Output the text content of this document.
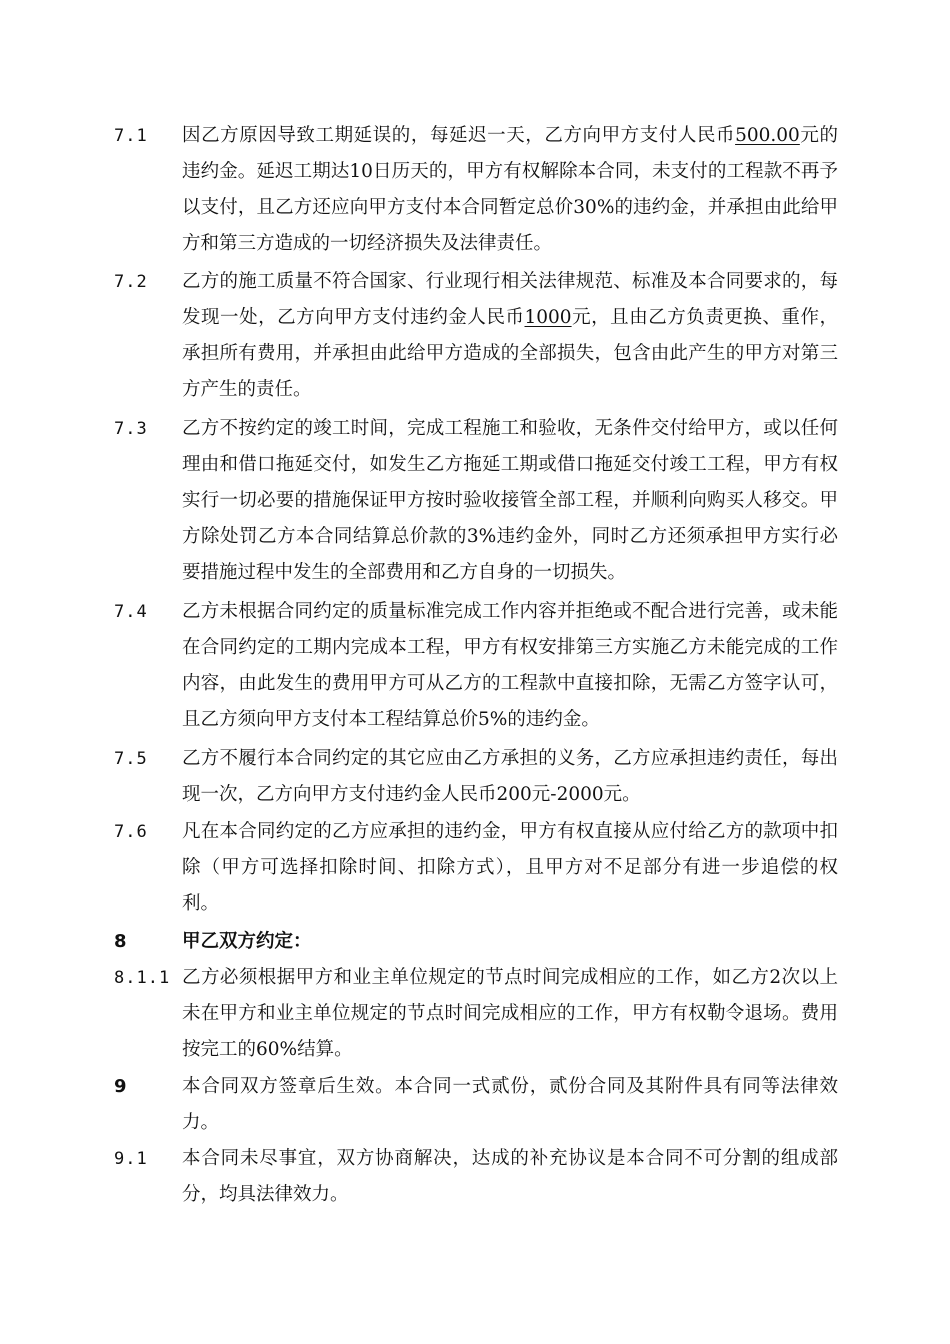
7.1 因乙方原因导致工期延误的，每延迟一天，乙方向甲方支付人民币500.00元的违约金。延迟工期达10日历天的，甲方有权解除本合同，未支付的工程款不再予以支付，且乙方还应向甲方支付本合同暂定总价30%的违约金，并承担由此给甲方和第三方造成的一切经济损失及法律责任。
7.2 乙方的施工质量不符合国家、行业现行相关法律规范、标准及本合同要求的，每发现一处，乙方向甲方支付违约金人民币1000元，且由乙方负责更换、重作，承担所有费用，并承担由此给甲方造成的全部损失，包含由此产生的甲方对第三方产生的责任。
7.3 乙方不按约定的竣工时间，完成工程施工和验收，无条件交付给甲方，或以任何理由和借口拖延交付，如发生乙方拖延工期或借口拖延交付竣工工程，甲方有权实行一切必要的措施保证甲方按时验收接管全部工程，并顺利向购买人移交。甲方除处罚乙方本合同结算总价款的3%违约金外，同时乙方还须承担甲方实行必要措施过程中发生的全部费用和乙方自身的一切损失。
7.4 乙方未根据合同约定的质量标准完成工作内容并拒绝或不配合进行完善，或未能在合同约定的工期内完成本工程，甲方有权安排第三方实施乙方未能完成的工作内容，由此发生的费用甲方可从乙方的工程款中直接扣除，无需乙方签字认可，且乙方须向甲方支付本工程结算总价5%的违约金。
7.5 乙方不履行本合同约定的其它应由乙方承担的义务，乙方应承担违约责任，每出现一次，乙方向甲方支付违约金人民币200元-2000元。
7.6 凡在本合同约定的乙方应承担的违约金，甲方有权直接从应付给乙方的款项中扣除（甲方可选择扣除时间、扣除方式），且甲方对不足部分有进一步追偿的权利。
8	甲乙双方约定：
8.1.1 乙方必须根据甲方和业主单位规定的节点时间完成相应的工作，如乙方2次以上未在甲方和业主单位规定的节点时间完成相应的工作，甲方有权勒令退场。费用按完工的60%结算。
9	本合同双方签章后生效。本合同一式贰份，贰份合同及其附件具有同等法律效力。
9.1 本合同未尽事宜，双方协商解决，达成的补充协议是本合同不可分割的组成部分，均具法律效力。
